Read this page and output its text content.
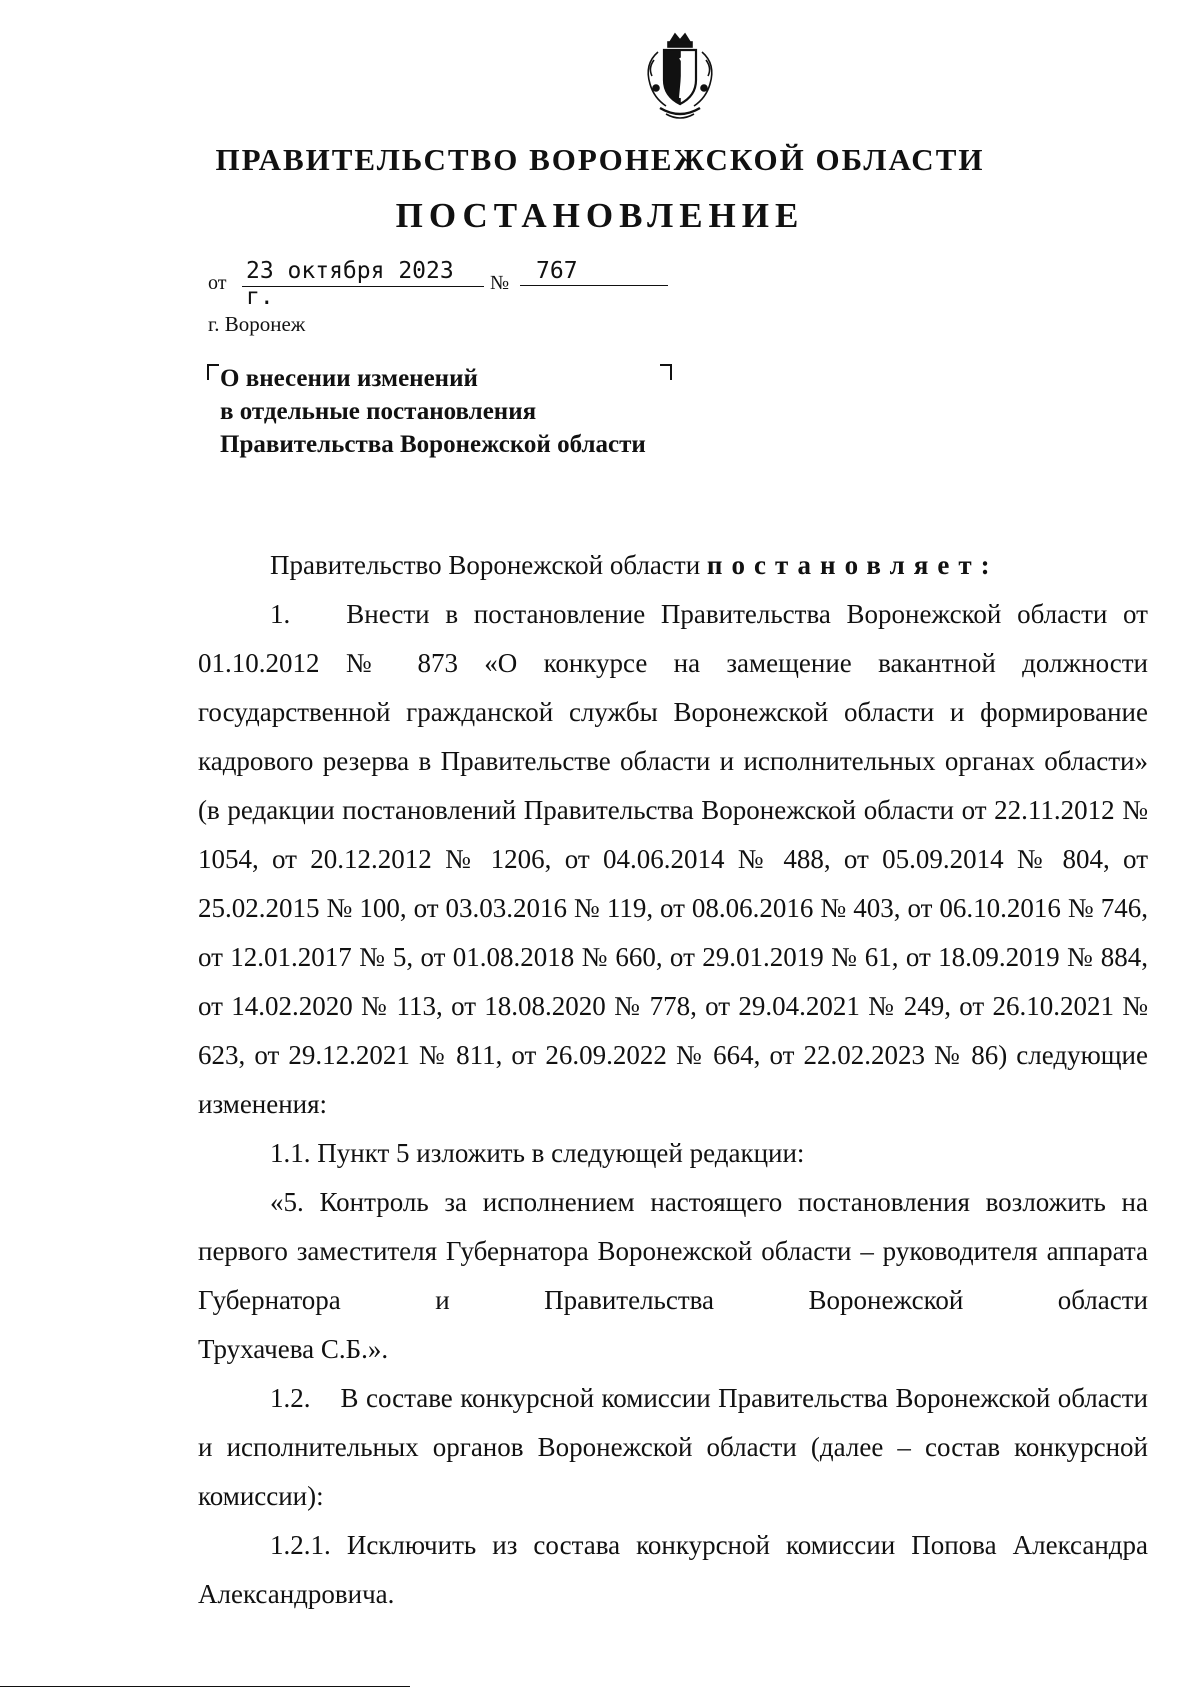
ПРАВИТЕЛЬСТВО ВОРОНЕЖСКОЙ ОБЛАСТИ
ПОСТАНОВЛЕНИЕ
от 23 октября 2023 г.
№	767
г. Воронеж
О внесении изменений
в отдельные постановления
Правительства Воронежской области

Правительство Воронежской области постановляет:

1. Внести в постановление Правительства Воронежской области от 01.10.2012 № 873 «О конкурсе на замещение вакантной должности государственной гражданской службы Воронежской области и формирование кадрового резерва в Правительстве области и исполнительных органах области» (в редакции постановлений Правительства Воронежской области от 22.11.2012 № 1054, от 20.12.2012 № 1206, от 04.06.2014 № 488, от 05.09.2014 № 804, от 25.02.2015 № 100, от 03.03.2016 № 119, от 08.06.2016 № 403, от 06.10.2016 № 746, от 12.01.2017 № 5, от 01.08.2018 № 660, от 29.01.2019 № 61, от 18.09.2019 № 884, от 14.02.2020 № 113, от 18.08.2020 № 778, от 29.04.2021 № 249, от 26.10.2021 № 623, от 29.12.2021 № 811, от 26.09.2022 № 664, от 22.02.2023 № 86) следующие изменения:

1.1. Пункт 5 изложить в следующей редакции:

«5. Контроль за исполнением настоящего постановления возложить на первого заместителя Губернатора Воронежской области – руководителя аппарата Губернатора и Правительства Воронежской области

Трухачева С.Б.».

1.2. В составе конкурсной комиссии Правительства Воронежской области и исполнительных органов Воронежской области (далее – состав конкурсной комиссии):

1.2.1. Исключить из состава конкурсной комиссии Попова Александра Александровича.
